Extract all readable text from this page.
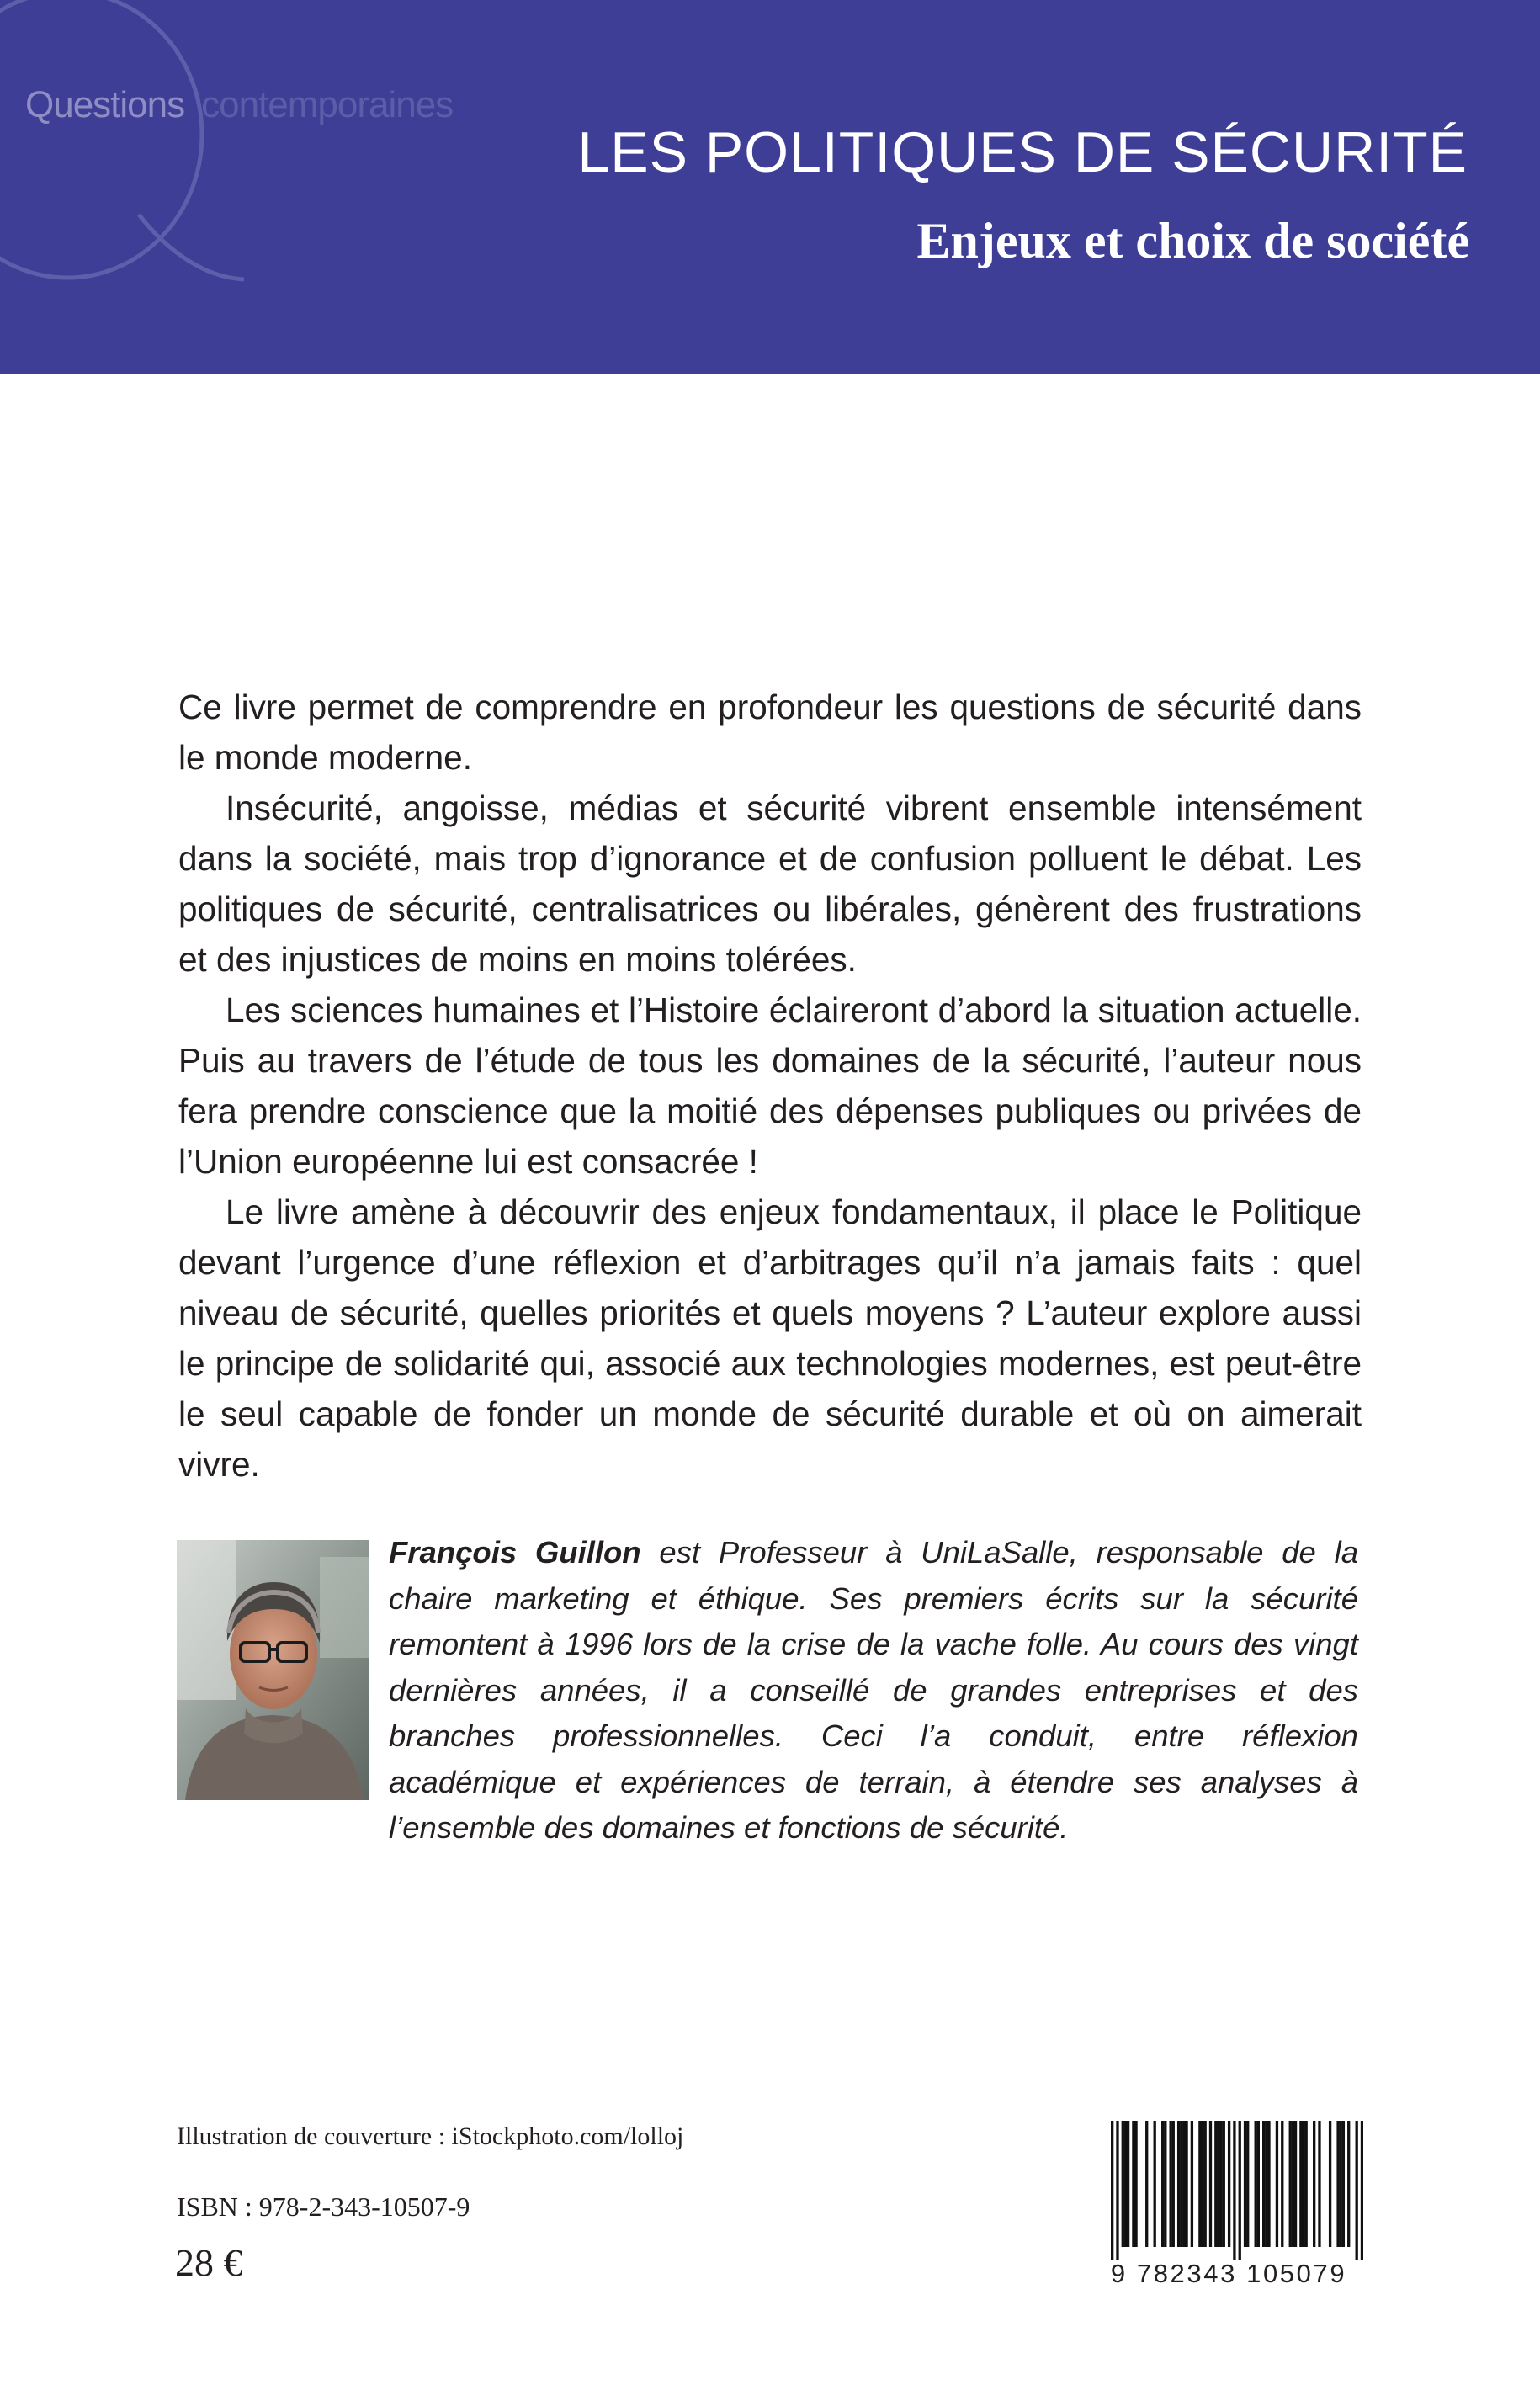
Questions contemporaines

LES POLITIQUES DE SÉCURITÉ
Enjeux et choix de société

Ce livre permet de comprendre en profondeur les questions de sécurité dans le monde moderne.

Insécurité, angoisse, médias et sécurité vibrent ensemble intensément dans la société, mais trop d’ignorance et de confusion polluent le débat. Les politiques de sécurité, centralisatrices ou libérales, génèrent des frustrations et des injustices de moins en moins tolérées.

Les sciences humaines et l’Histoire éclaireront d’abord la situation actuelle. Puis au travers de l’étude de tous les domaines de la sécurité, l’auteur nous fera prendre conscience que la moitié des dépenses publiques ou privées de l’Union européenne lui est consacrée !

Le livre amène à découvrir des enjeux fondamentaux, il place le Politique devant l’urgence d’une réflexion et d’arbitrages qu’il n’a jamais faits : quel niveau de sécurité, quelles priorités et quels moyens ? L’auteur explore aussi le principe de solidarité qui, associé aux technologies modernes, est peut-être le seul capable de fonder un monde de sécurité durable et où on aimerait vivre.

François Guillon est Professeur à UniLaSalle, responsable de la chaire marketing et éthique. Ses premiers écrits sur la sécurité remontent à 1996 lors de la crise de la vache folle. Au cours des vingt dernières années, il a conseillé de grandes entreprises et des branches professionnelles. Ceci l’a conduit, entre réflexion académique et expériences de terrain, à étendre ses analyses à l’ensemble des domaines et fonctions de sécurité.

Illustration de couverture : iStockphoto.com/lolloj

ISBN : 978-2-343-10507-9

28 €	9 782343 105079
